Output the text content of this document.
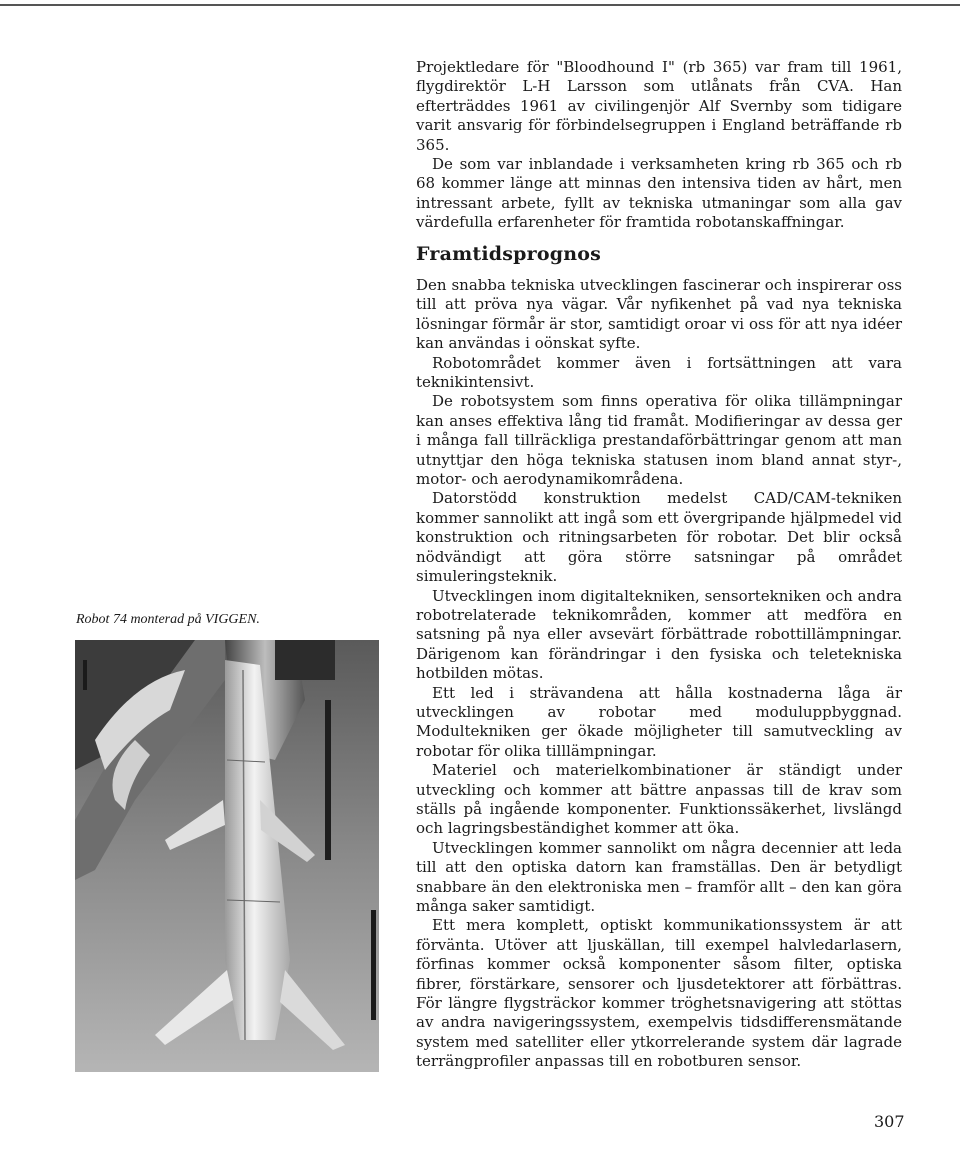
Projektledare för "Bloodhound I" (rb 365) var fram till 1961, flygdirektör L-H Larsson som utlånats från CVA. Han efterträddes 1961 av civilingenjör Alf Svernby som tidigare varit ansvarig för förbindelsegruppen i England beträffande rb 365.

De som var inblandade i verksamheten kring rb 365 och rb 68 kommer länge att minnas den intensiva tiden av hårt, men intressant arbete, fyllt av tekniska utmaningar som alla gav värdefulla erfarenheter för framtida robotanskaffningar.

Framtidsprognos

Den snabba tekniska utvecklingen fascinerar och inspirerar oss till att pröva nya vägar. Vår nyfikenhet på vad nya tekniska lösningar förmår är stor, samtidigt oroar vi oss för att nya idéer kan användas i oönskat syfte.

Robotområdet kommer även i fortsättningen att vara teknikintensivt.

De robotsystem som finns operativa för olika tillämpningar kan anses effektiva lång tid framåt. Modifieringar av dessa ger i många fall tillräckliga prestandaförbättringar genom att man utnyttjar den höga tekniska statusen inom bland annat styr-, motor- och aerodynamikområdena.

Datorstödd konstruktion medelst CAD/CAM-tekniken kommer sannolikt att ingå som ett övergripande hjälpmedel vid konstruktion och ritningsarbeten för robotar. Det blir också nödvändigt att göra större satsningar på området simuleringsteknik.

Utvecklingen inom digitaltekniken, sensortekniken och andra robotrelaterade teknikområden, kommer att medföra en satsning på nya eller avsevärt förbättrade robottillämpningar. Därigenom kan förändringar i den fysiska och teletekniska hotbilden mötas.

Ett led i strävandena att hålla kostnaderna låga är utvecklingen av robotar med moduluppbyggnad. Modultekniken ger ökade möjligheter till samutveckling av robotar för olika tilllämpningar.

Materiel och materielkombinationer är ständigt under utveckling och kommer att bättre anpassas till de krav som ställs på ingående komponenter. Funktionssäkerhet, livslängd och lagringsbeständighet kommer att öka.

Utvecklingen kommer sannolikt om några decennier att leda till att den optiska datorn kan framställas. Den är betydligt snabbare än den elektroniska men – framför allt – den kan göra många saker samtidigt.

Ett mera komplett, optiskt kommunikationssystem är att förvänta. Utöver att ljuskällan, till exempel halvledarlasern, förfinas kommer också komponenter såsom filter, optiska fibrer, förstärkare, sensorer och ljusdetektorer att förbättras. För längre flygsträckor kommer tröghetsnavigering att stöttas av andra navigeringssystem, exempelvis tidsdifferensmätande system med satelliter eller ytkorrelerande system där lagrade terrängprofiler anpassas till en robotburen sensor.

Robot 74 monterad på VIGGEN.

307
